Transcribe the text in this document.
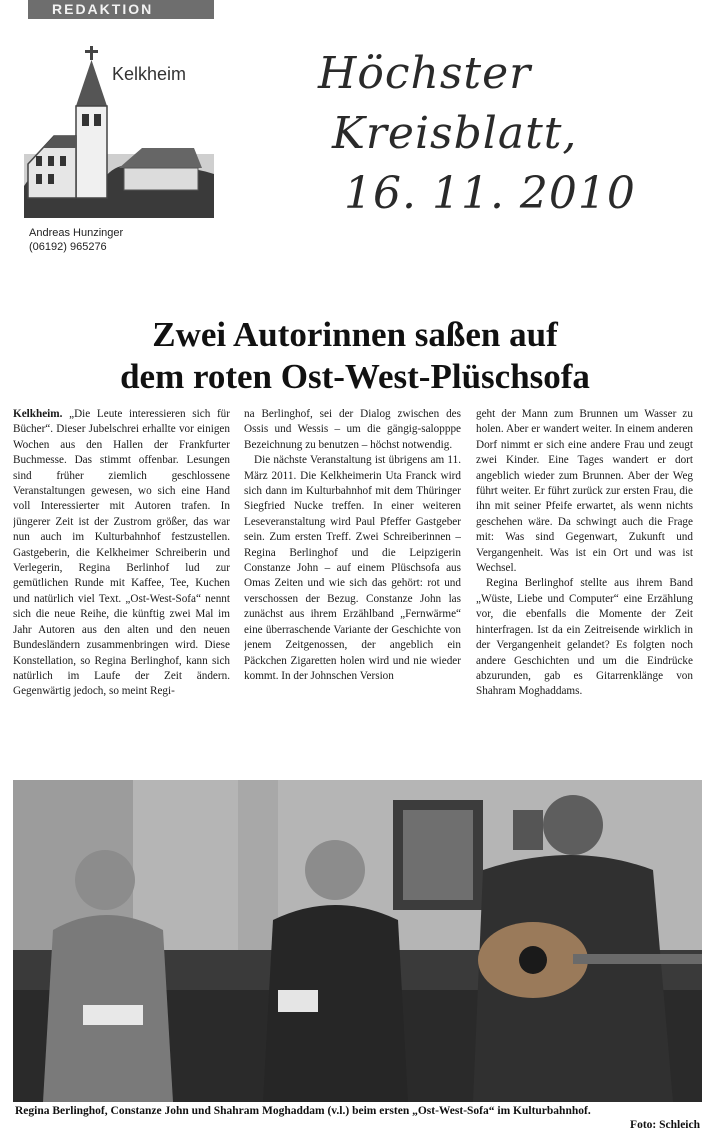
REDAKTION
Kelkheim
Andreas Hunzinger
(06192) 965276
Höchster
Kreisblatt,
16. 11. 2010
Zwei Autorinnen saßen auf
dem roten Ost-West-Plüschsofa

Kelkheim. „Die Leute interessieren sich für Bücher“. Dieser Jubelschrei erhallte vor einigen Wochen aus den Hallen der Frankfurter Buchmesse. Das stimmt offenbar. Lesungen sind früher ziemlich geschlossene Veranstaltungen gewesen, wo sich eine Hand voll Interessierter mit Autoren trafen. In jüngerer Zeit ist der Zustrom größer, das war nun auch im Kulturbahnhof festzustellen. Gastgeberin, die Kelkheimer Schreiberin und Verlegerin, Regina Berlinhof lud zur gemütlichen Runde mit Kaffee, Tee, Kuchen und natürlich viel Text. „Ost-West-Sofa“ nennt sich die neue Reihe, die künftig zwei Mal im Jahr Autoren aus den alten und den neuen Bundesländern zusammenbringen wird. Diese Konstellation, so Regina Berlinghof, kann sich natürlich im Laufe der Zeit ändern. Gegenwärtig jedoch, so meint Regi-

na Berlinghof, sei der Dialog zwischen des Ossis und Wessis – um die gängig-salopppe Bezeichnung zu benutzen – höchst notwendig.

Die nächste Veranstaltung ist übrigens am 11. März 2011. Die Kelkheimerin Uta Franck wird sich dann im Kulturbahnhof mit dem Thüringer Siegfried Nucke treffen. In einer weiteren Leseveranstaltung wird Paul Pfeffer Gastgeber sein. Zum ersten Treff. Zwei Schreiberinnen – Regina Berlinghof und die Leipzigerin Constanze John – auf einem Plüschsofa aus Omas Zeiten und wie sich das gehört: rot und verschossen der Bezug. Constanze John las zunächst aus ihrem Erzählband „Fernwärme“ eine überraschende Variante der Geschichte von jenem Zeitgenossen, der angeblich ein Päckchen Zigaretten holen wird und nie wieder kommt. In der Johnschen Version

geht der Mann zum Brunnen um Wasser zu holen. Aber er wandert weiter. In einem anderen Dorf nimmt er sich eine andere Frau und zeugt zwei Kinder. Eine Tages wandert er dort angeblich wieder zum Brunnen. Aber der Weg führt weiter. Er führt zurück zur ersten Frau, die ihn mit seiner Pfeife erwartet, als wenn nichts geschehen wäre. Da schwingt auch die Frage mit: Was sind Gegenwart, Zukunft und Vergangenheit. Was ist ein Ort und was ist Wechsel.

Regina Berlinghof stellte aus ihrem Band „Wüste, Liebe und Computer“ eine Erzählung vor, die ebenfalls die Momente der Zeit hinterfragen. Ist da ein Zeitreisende wirklich in der Vergangenheit gelandet? Es folgten noch andere Geschichten und um die Eindrücke abzurunden, gab es Gitarrenklänge von Shahram Moghaddams.

Regina Berlinghof, Constanze John und Shahram Moghaddam (v.l.) beim ersten „Ost-West-Sofa“ im Kulturbahnhof.
Foto: Schleich
